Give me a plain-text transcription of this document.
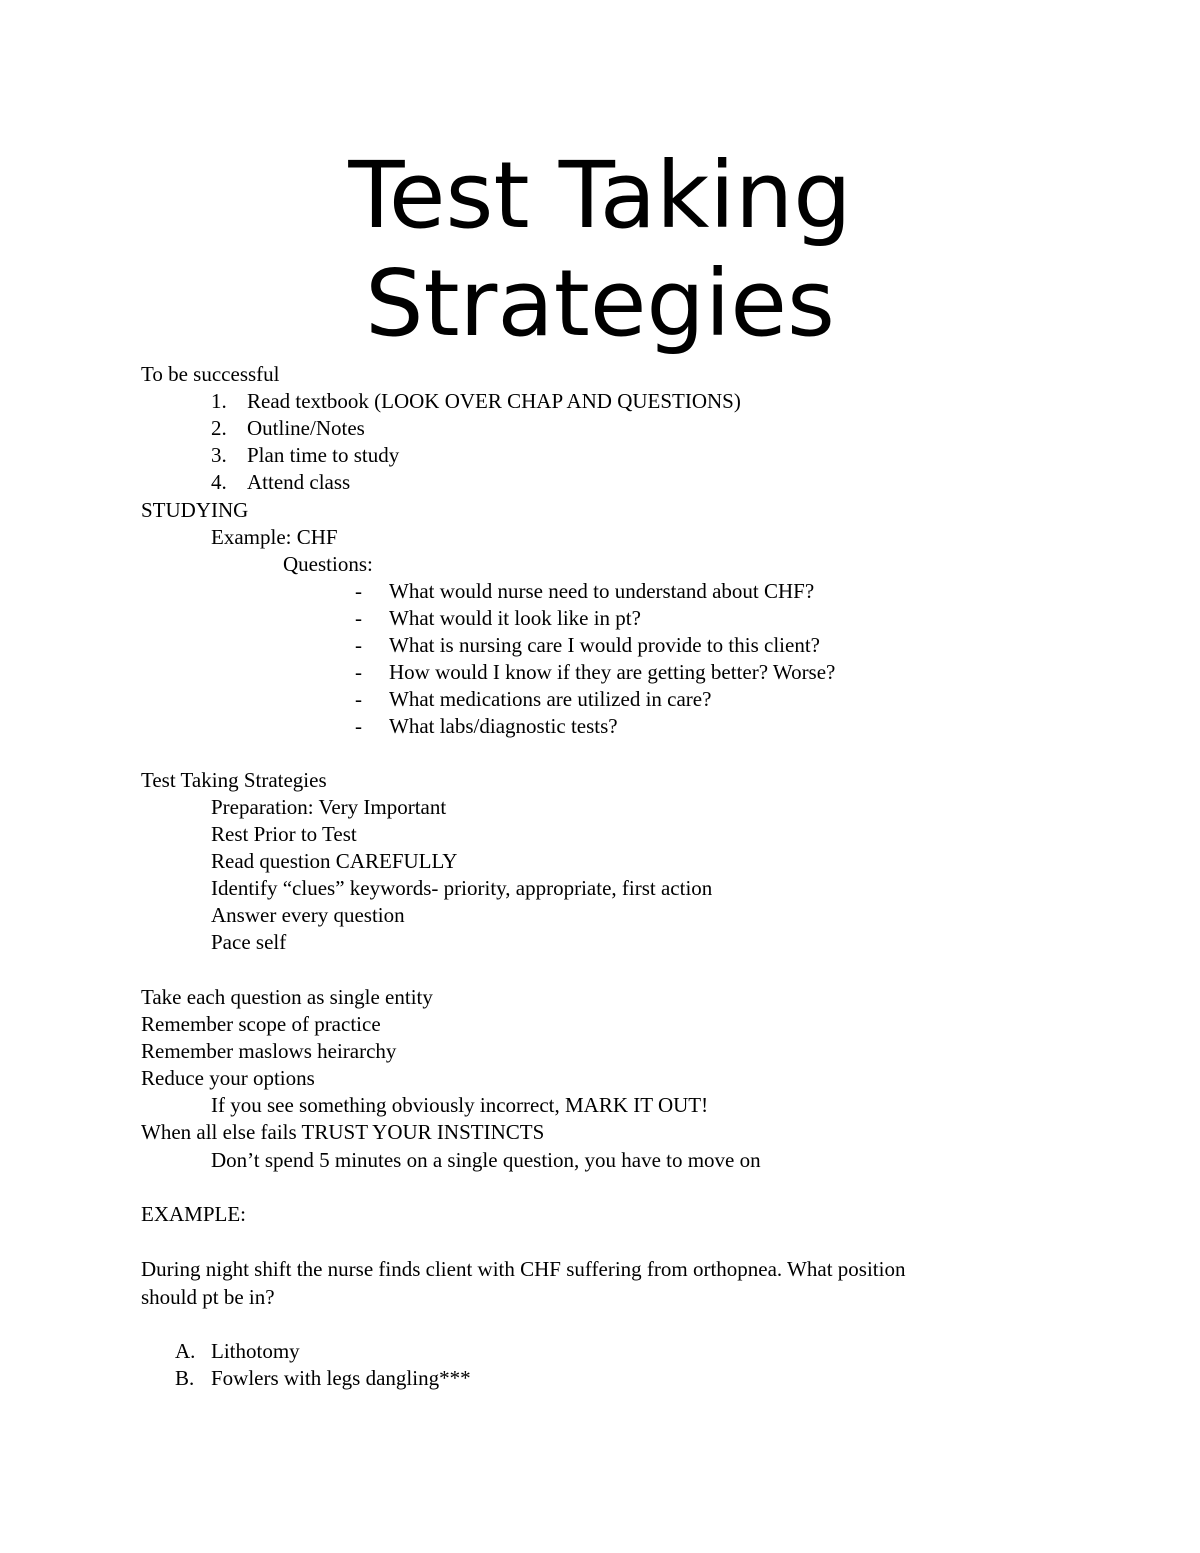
Test Taking
Strategies
To be successful
1. Read textbook (LOOK OVER CHAP AND QUESTIONS)
2. Outline/Notes
3. Plan time to study
4. Attend class
STUDYING
Example: CHF
Questions:
- What would nurse need to understand about CHF?
- What would it look like in pt?
- What is nursing care I would provide to this client?
- How would I know if they are getting better? Worse?
- What medications are utilized in care?
- What labs/diagnostic tests?
Test Taking Strategies
Preparation: Very Important
Rest Prior to Test
Read question CAREFULLY
Identify “clues” keywords- priority, appropriate, first action
Answer every question
Pace self
Take each question as single entity
Remember scope of practice
Remember maslows heirarchy
Reduce your options
If you see something obviously incorrect, MARK IT OUT!
When all else fails TRUST YOUR INSTINCTS
Don’t spend 5 minutes on a single question, you have to move on
EXAMPLE:
During night shift the nurse finds client with CHF suffering from orthopnea. What position
should pt be in?
A. Lithotomy
B. Fowlers with legs dangling***
